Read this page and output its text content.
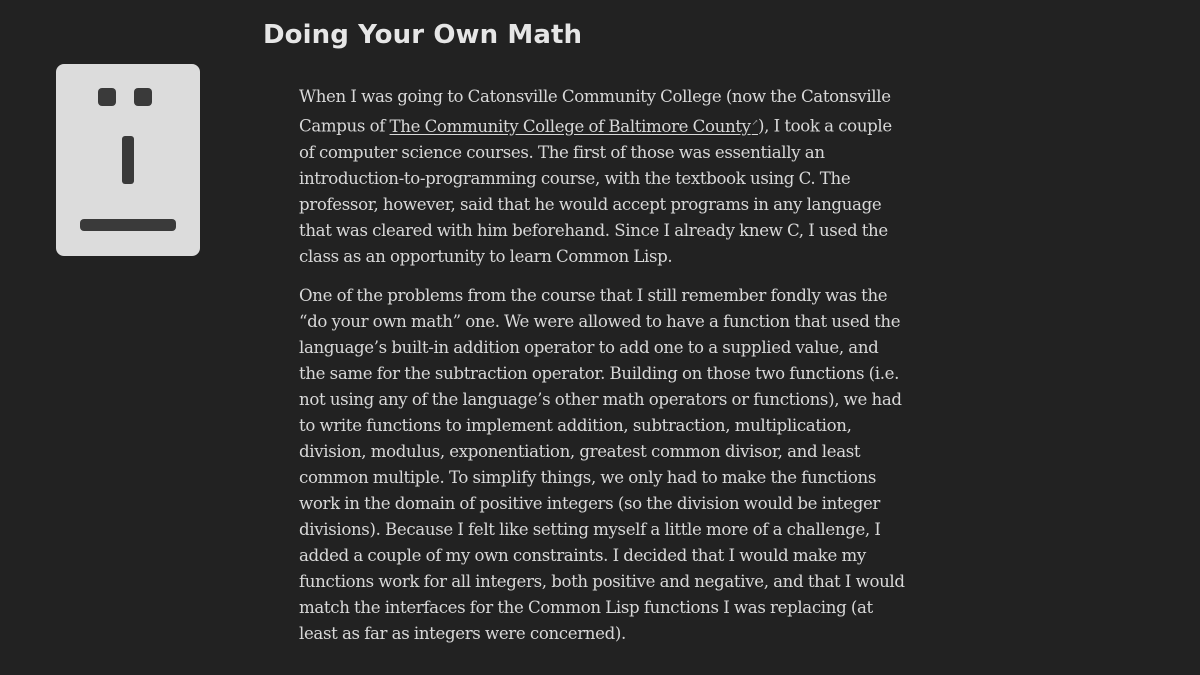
Doing Your Own Math

When I was going to Catonsville Community College (now the Catonsville Campus of The Community College of Baltimore County↗), I took a couple of computer science courses. The first of those was essentially an introduction-to-programming course, with the textbook using C. The professor, however, said that he would accept programs in any language that was cleared with him beforehand. Since I already knew C, I used the class as an opportunity to learn Common Lisp.

One of the problems from the course that I still remember fondly was the “do your own math” one. We were allowed to have a function that used the language’s built-in addition operator to add one to a supplied value, and the same for the subtraction operator. Building on those two functions (i.e. not using any of the language’s other math operators or functions), we had to write functions to implement addition, subtraction, multiplication, division, modulus, exponentiation, greatest common divisor, and least common multiple. To simplify things, we only had to make the functions work in the domain of positive integers (so the division would be integer divisions). Because I felt like setting myself a little more of a challenge, I added a couple of my own constraints. I decided that I would make my functions work for all integers, both positive and negative, and that I would match the interfaces for the Common Lisp functions I was replacing (at least as far as integers were concerned).
